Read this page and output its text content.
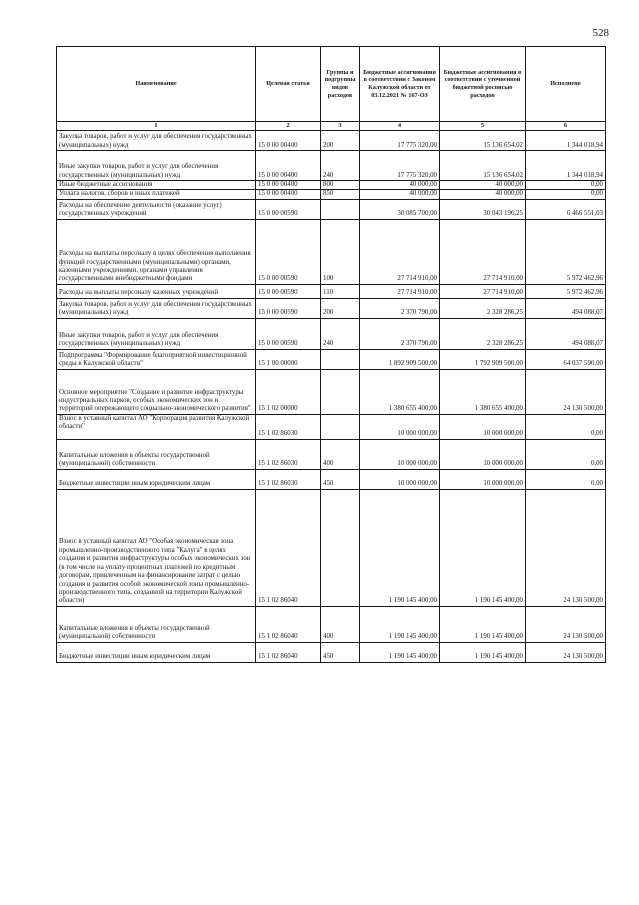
528
Наименование	Целевая статья	Группы и подгруппы видов расходов	Бюджетные ассигнования в соответствии с Законом Калужской области от 03.12.2021 № 167-ОЗ	Бюджетные ассигнования в соответствии с уточненной бюджетной росписью расходов	Исполнено
1	2	3	4	5	6
Закупка товаров, работ и услуг для обеспечения государственных (муниципальных) нужд	15 0 00 00400	200	17 775 320,00	15 136 654,02	1 344 018,94
Иные закупки товаров, работ и услуг для обеспечения государственных (муниципальных) нужд	15 0 00 00400	240	17 775 320,00	15 136 654,02	1 344 018,94
Иные бюджетные ассигнования	15 0 00 00400	800	40 000,00	40 000,00	0,00
Уплата налогов, сборов и иных платежей	15 0 00 00400	850	40 000,00	40 000,00	0,00
Расходы на обеспечение деятельности (оказание услуг) государственных учреждений	15 0 00 00590		30 085 700,00	30 043 196,25	6 466 551,03
Расходы на выплаты персоналу в целях обеспечения выполнения функций государственными (муниципальными) органами, казенными учреждениями, органами управления государственными внебюджетными фондами	15 0 00 00590	100	27 714 910,00	27 714 910,00	5 972 462,96
Расходы на выплаты персоналу казенных учреждений	15 0 00 00590	110	27 714 910,00	27 714 910,00	5 972 462,96
Закупка товаров, работ и услуг для обеспечения государственных (муниципальных) нужд	15 0 00 00590	200	2 370 790,00	2 328 286,25	494 088,07
Иные закупки товаров, работ и услуг для обеспечения государственных (муниципальных) нужд	15 0 00 00590	240	2 370 790,00	2 328 286,25	494 088,07
Подпрограмма "Формирование благоприятной инвестиционной среды в Калужской области"	15 1 00 00000		1 892 909 500,00	1 792 909 500,00	64 037 590,00
Основное мероприятие "Создание и развитие инфраструктуры индустриальных парков, особых экономических зон и территорий опережающего социально-экономического развития"	15 1 02 00000		1 380 655 400,00	1 380 655 400,00	24 130 500,00
Взнос в уставный капитал АО "Корпорация развития Калужской области"	15 1 02 86030		10 000 000,00	10 000 000,00	0,00
Капитальные вложения в объекты государственной (муниципальной) собственности	15 1 02 86030	400	10 000 000,00	10 000 000,00	0,00
Бюджетные инвестиции иным юридическим лицам	15 1 02 86030	450	10 000 000,00	10 000 000,00	0,00
Взнос в уставный капитал АО "Особая экономическая зона промышленно-производственного типа "Калуга" в целях создания и развития инфраструктуры особых экономических зон (в том числе на уплату процентных платежей по кредитным договорам, привлеченным на финансирование затрат с целью создания и развития особой экономической зоны промышленно-производственного типа, созданной на территории Калужской области)	15 1 02 86040		1 190 145 400,00	1 190 145 400,00	24 130 500,00
Капитальные вложения в объекты государственной (муниципальной) собственности	15 1 02 86040	400	1 190 145 400,00	1 190 145 400,00	24 130 500,00
Бюджетные инвестиции иным юридическим лицам	15 1 02 86040	450	1 190 145 400,00	1 190 145 400,00	24 130 500,00
